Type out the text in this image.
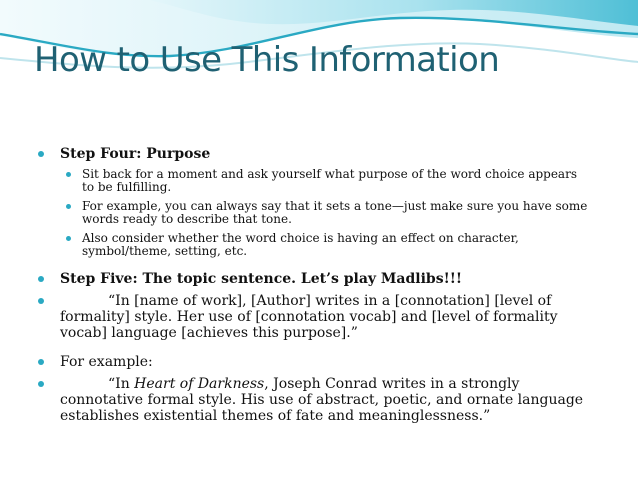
How to Use This Information
Step Four: Purpose
Sit back for a moment and ask yourself what purpose of the word choice appears to be fulfilling.
For example, you can always say that it sets a tone—just make sure you have some words ready to describe that tone.
Also consider whether the word choice is having an effect on character, symbol/theme, setting, etc.
Step Five: The topic sentence. Let’s play Madlibs!!!
“In [name of work], [Author] writes in a [connotation] [level of formality] style. Her use of [connotation vocab] and [level of formality vocab] language [achieves this purpose].”
For example:
“In Heart of Darkness, Joseph Conrad writes in a strongly connotative formal style. His use of abstract, poetic, and ornate language establishes existential themes of fate and meaninglessness.”
